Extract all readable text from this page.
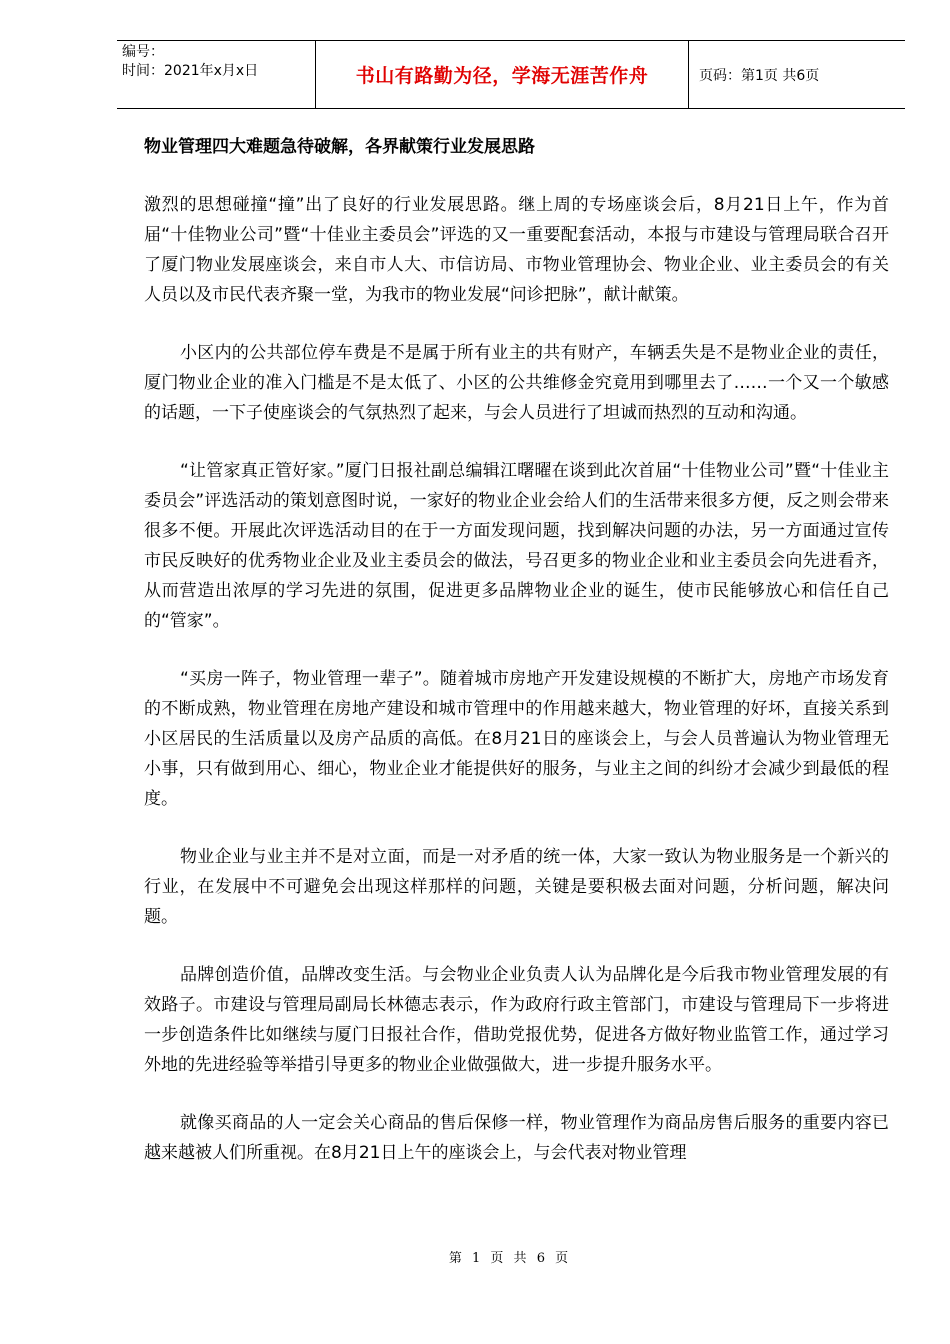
编号：
时间：2021年x月x日	书山有路勤为径，学海无涯苦作舟	页码：第1页 共6页
物业管理四大难题急待破解，各界献策行业发展思路

激烈的思想碰撞“撞”出了良好的行业发展思路。继上周的专场座谈会后，8月21日上午，作为首届“十佳物业公司”暨“十佳业主委员会”评选的又一重要配套活动，本报与市建设与管理局联合召开了厦门物业发展座谈会，来自市人大、市信访局、市物业管理协会、物业企业、业主委员会的有关人员以及市民代表齐聚一堂，为我市的物业发展“问诊把脉”，献计献策。

小区内的公共部位停车费是不是属于所有业主的共有财产，车辆丢失是不是物业企业的责任，厦门物业企业的准入门槛是不是太低了、小区的公共维修金究竟用到哪里去了……一个又一个敏感的话题，一下子使座谈会的气氛热烈了起来，与会人员进行了坦诚而热烈的互动和沟通。

“让管家真正管好家。”厦门日报社副总编辑江曙曜在谈到此次首届“十佳物业公司”暨“十佳业主委员会”评选活动的策划意图时说，一家好的物业企业会给人们的生活带来很多方便，反之则会带来很多不便。开展此次评选活动目的在于一方面发现问题，找到解决问题的办法，另一方面通过宣传市民反映好的优秀物业企业及业主委员会的做法，号召更多的物业企业和业主委员会向先进看齐，从而营造出浓厚的学习先进的氛围，促进更多品牌物业企业的诞生，使市民能够放心和信任自己的“管家”。

“买房一阵子，物业管理一辈子”。随着城市房地产开发建设规模的不断扩大，房地产市场发育的不断成熟，物业管理在房地产建设和城市管理中的作用越来越大，物业管理的好坏，直接关系到小区居民的生活质量以及房产品质的高低。在8月21日的座谈会上，与会人员普遍认为物业管理无小事，只有做到用心、细心，物业企业才能提供好的服务，与业主之间的纠纷才会减少到最低的程度。

物业企业与业主并不是对立面，而是一对矛盾的统一体，大家一致认为物业服务是一个新兴的行业，在发展中不可避免会出现这样那样的问题，关键是要积极去面对问题，分析问题，解决问题。

品牌创造价值，品牌改变生活。与会物业企业负责人认为品牌化是今后我市物业管理发展的有效路子。市建设与管理局副局长林德志表示，作为政府行政主管部门，市建设与管理局下一步将进一步创造条件比如继续与厦门日报社合作，借助党报优势，促进各方做好物业监管工作，通过学习外地的先进经验等举措引导更多的物业企业做强做大，进一步提升服务水平。

就像买商品的人一定会关心商品的售后保修一样，物业管理作为商品房售后服务的重要内容已越来越被人们所重视。在8月21日上午的座谈会上，与会代表对物业管理

第 1 页 共 6 页
